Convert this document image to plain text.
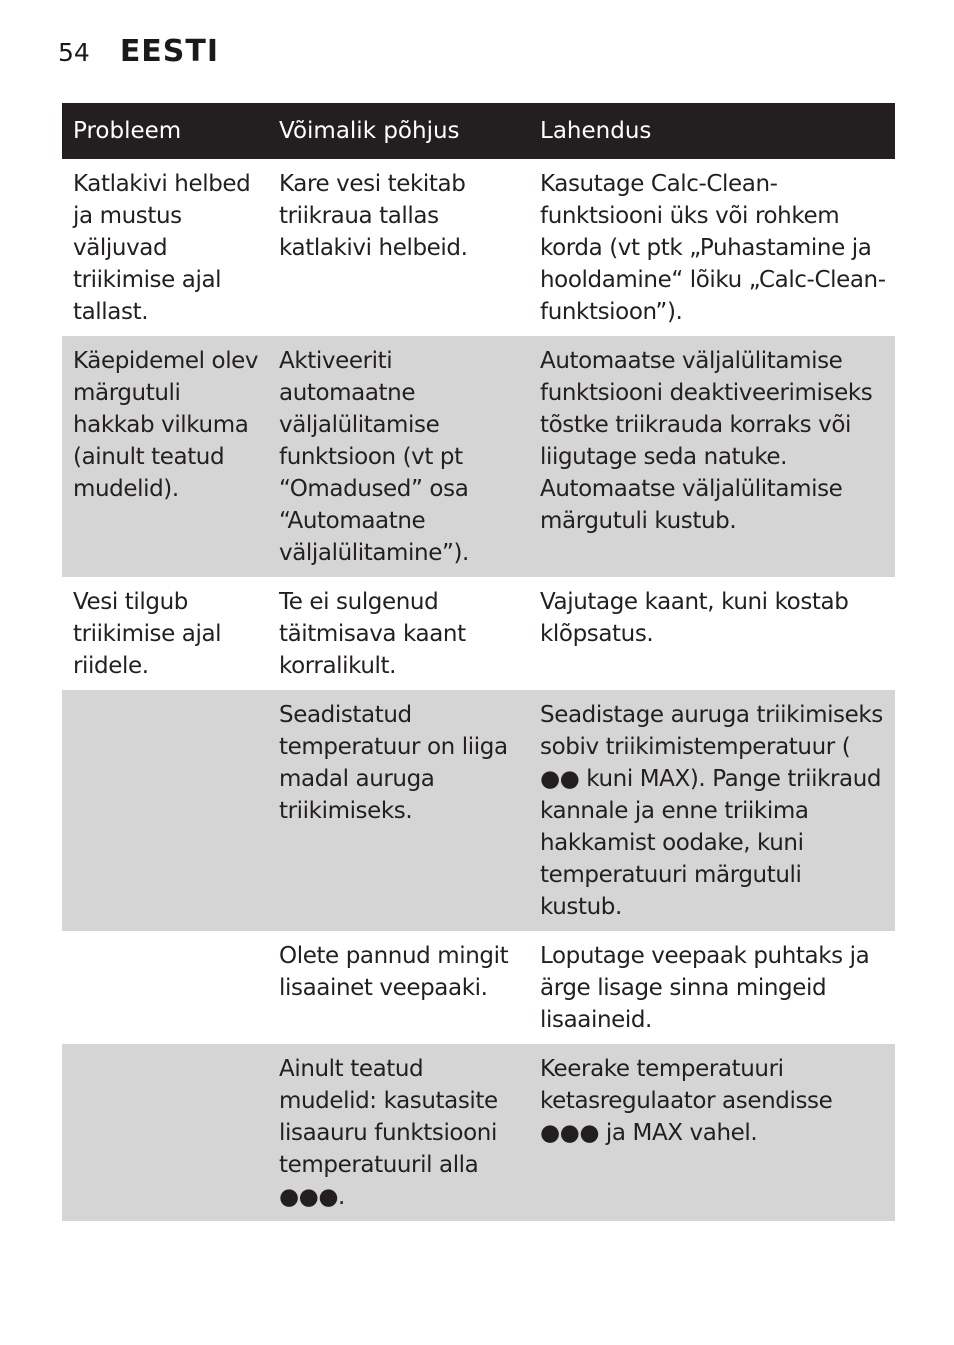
54 EESTI
Probleem	Võimalik põhjus	Lahendus
Katlakivi helbed ja mustus väljuvad triikimise ajal tallast.	Kare vesi tekitab triikraua tallas katlakivi helbeid.	Kasutage Calc-Clean-funktsiooni üks või rohkem korda (vt ptk „Puhastamine ja hooldamine“ lõiku „Calc-Clean-funktsioon”).
Käepidemel olev märgutuli hakkab vilkuma (ainult teatud mudelid).	Aktiveeriti automaatne väljalülitamise funktsioon (vt pt “Omadused” osa “Automaatne väljalülitamine”).	Automaatse väljalülitamise funktsiooni deaktiveerimiseks tõstke triikrauda korraks või liigutage seda natuke. Automaatse väljalülitamise märgutuli kustub.
Vesi tilgub triikimise ajal riidele.	Te ei sulgenud täitmisava kaant korralikult.	Vajutage kaant, kuni kostab klõpsatus.
	Seadistatud temperatuur on liiga madal auruga triikimiseks.	Seadistage auruga triikimiseks sobiv triikimistemperatuur ( ●● kuni MAX). Pange triikraud kannale ja enne triikima hakkamist oodake, kuni temperatuuri märgutuli kustub.
	Olete pannud mingit lisaainet veepaaki.	Loputage veepaak puhtaks ja ärge lisage sinna mingeid lisaaineid.
	Ainult teatud mudelid: kasutasite lisaauru funktsiooni temperatuuril alla ●●●.	Keerake temperatuuri ketasregulaator asendisse ●●● ja MAX vahel.
